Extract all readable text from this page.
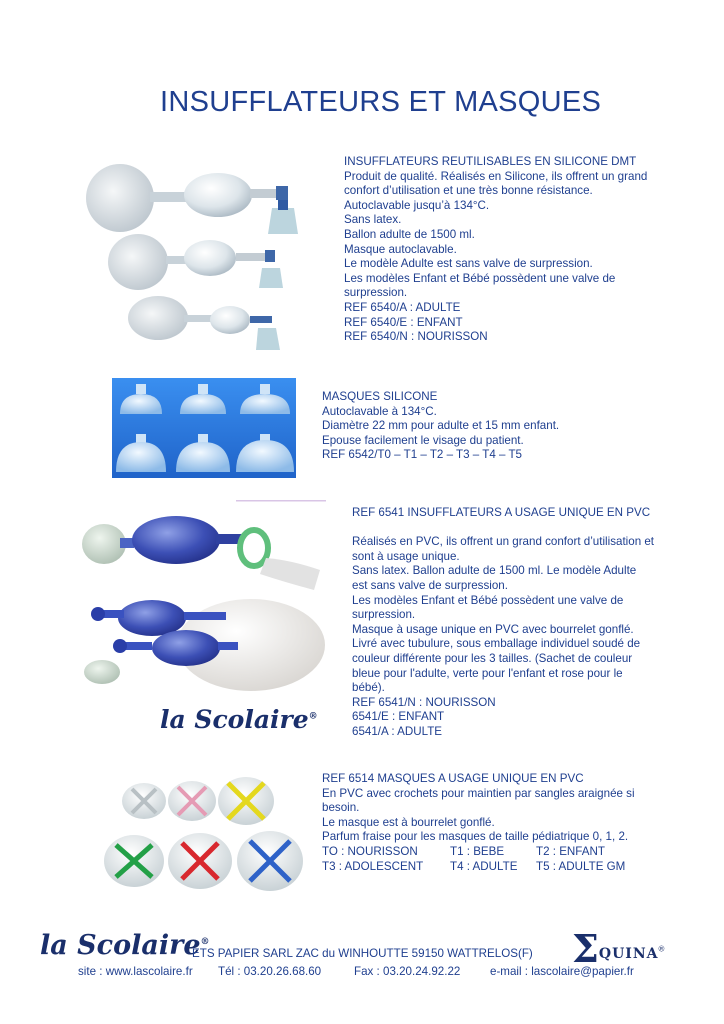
INSUFFLATEURS ET MASQUES
INSUFFLATEURS REUTILISABLES EN SILICONE DMT
Produit de qualité. Réalisés en Silicone, ils offrent un grand
confort d’utilisation et une très bonne résistance.
Autoclavable jusqu’à 134°C.
Sans latex.
Ballon adulte de 1500 ml.
Masque autoclavable.
Le modèle Adulte est sans valve de surpression.
Les modèles Enfant et Bébé possèdent une valve de
surpression.
REF 6540/A : ADULTE
REF 6540/E : ENFANT
REF 6540/N : NOURISSON
MASQUES SILICONE
Autoclavable à 134°C.
Diamètre 22 mm pour adulte et 15 mm enfant.
Epouse facilement le visage du patient.
REF 6542/T0 – T1 – T2 – T3 – T4 – T5
REF 6541 INSUFFLATEURS A USAGE UNIQUE EN PVC
Réalisés en PVC, ils offrent un grand confort d’utilisation et
sont à usage unique.
Sans latex. Ballon adulte de 1500 ml. Le modèle Adulte
est sans valve de surpression.
Les modèles Enfant et Bébé possèdent une valve de
surpression.
Masque à usage unique en PVC avec bourrelet gonflé.
Livré avec tubulure, sous emballage individuel soudé de
couleur différente pour les 3 tailles. (Sachet de couleur
bleue pour l'adulte, verte pour l'enfant et rose pour le
bébé).
REF 6541/N : NOURISSON
6541/E : ENFANT
6541/A : ADULTE
la Scolaire®
REF 6514 MASQUES A USAGE UNIQUE EN PVC
En PVC avec crochets pour maintien par sangles araignée si
besoin.
Le masque est à bourrelet gonflé.
Parfum fraise pour les masques de taille pédiatrique 0, 1, 2.
TO : NOURISSON	T1 : BEBE	T2 : ENFANT
T3 : ADOLESCENT	T4 : ADULTE	T5 : ADULTE GM
la Scolaire®
ETS PAPIER SARL ZAC du WINHOUTTE 59150 WATTRELOS(F) ΣQUINA®
site : www.lascolaire.fr Tél : 03.20.26.68.60	Fax : 03.20.24.92.22	e-mail : lascolaire@papier.fr
